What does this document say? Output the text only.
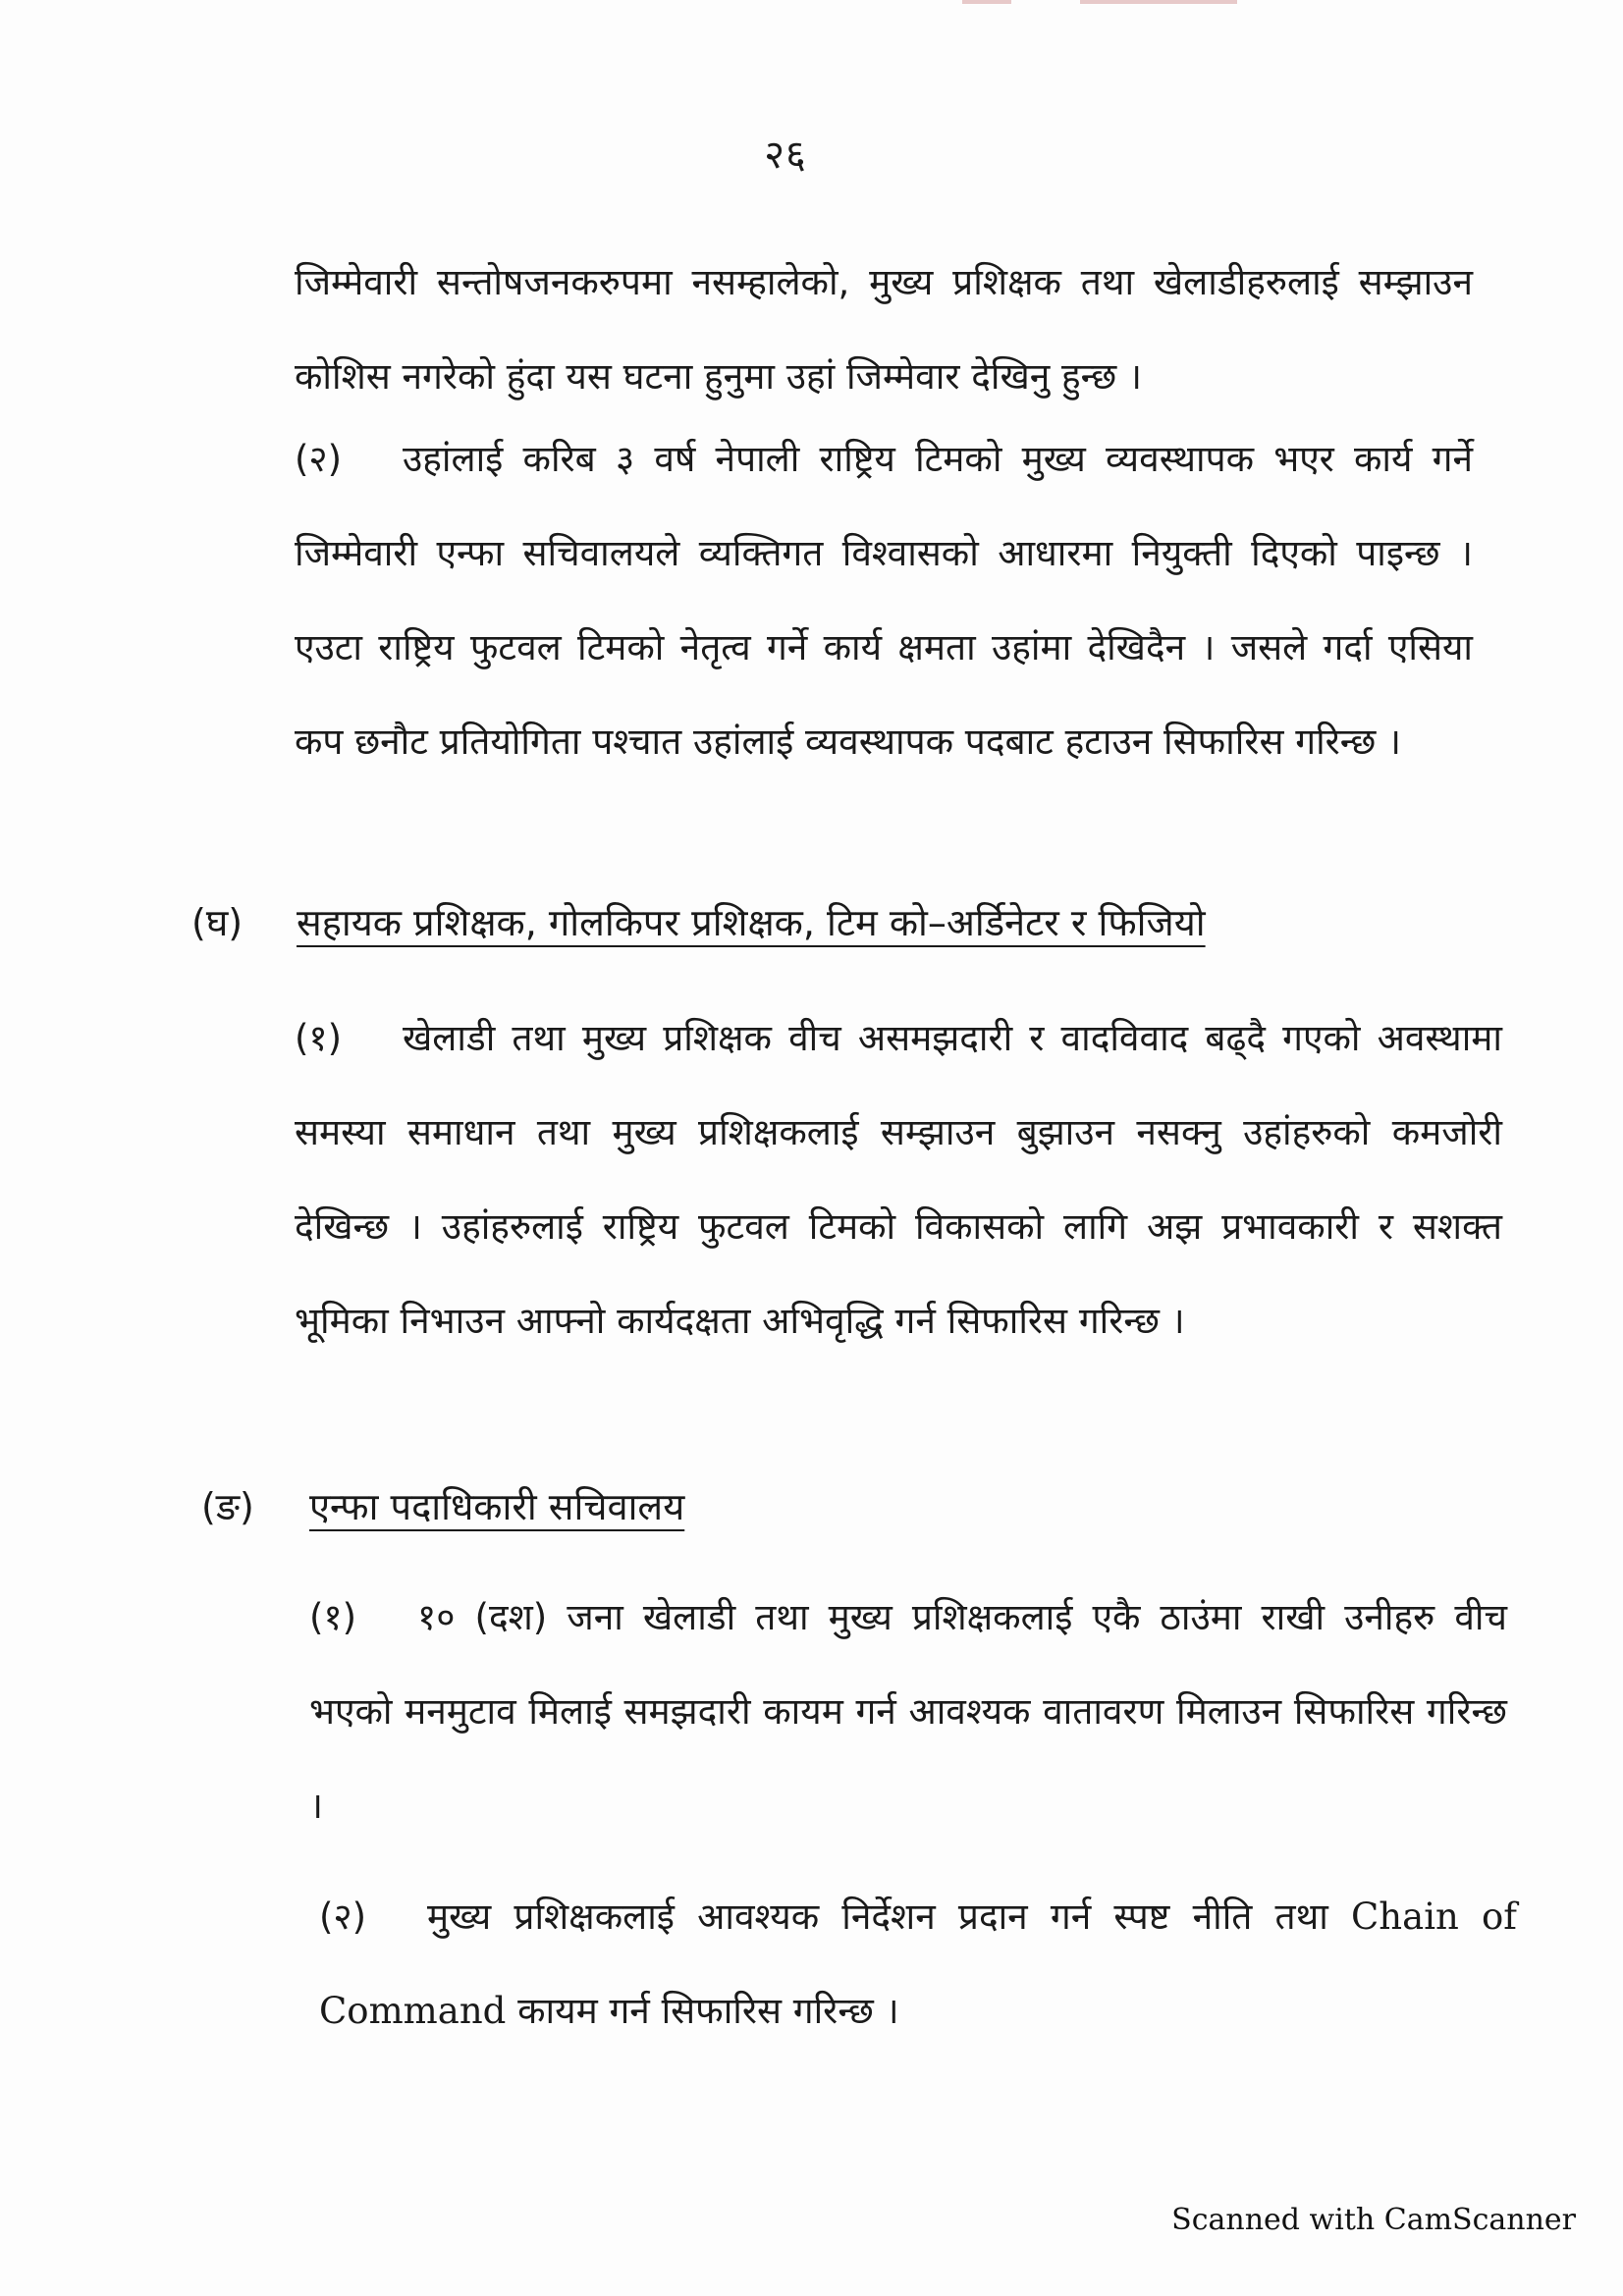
२६
जिम्मेवारी सन्तोषजनकरुपमा नसम्हालेको, मुख्य प्रशिक्षक तथा खेलाडीहरुलाई सम्झाउन कोशिस नगरेको हुंदा यस घटना हुनुमा उहां जिम्मेवार देखिनु हुन्छ ।
(२) उहांलाई करिब ३ वर्ष नेपाली राष्ट्रिय टिमको मुख्य व्यवस्थापक भएर कार्य गर्ने जिम्मेवारी एन्फा सचिवालयले व्यक्तिगत विश्वासको आधारमा नियुक्ती दिएको पाइन्छ । एउटा राष्ट्रिय फुटवल टिमको नेतृत्व गर्ने कार्य क्षमता उहांमा देखिदैन । जसले गर्दा एसिया कप छनौट प्रतियोगिता पश्चात उहांलाई व्यवस्थापक पदबाट हटाउन सिफारिस गरिन्छ ।
(घ) सहायक प्रशिक्षक, गोलकिपर प्रशिक्षक, टिम को–अर्डिनेटर र फिजियो
(१) खेलाडी तथा मुख्य प्रशिक्षक वीच असमझदारी र वादविवाद बढ्दै गएको अवस्थामा समस्या समाधान तथा मुख्य प्रशिक्षकलाई सम्झाउन बुझाउन नसक्नु उहांहरुको कमजोरी देखिन्छ । उहांहरुलाई राष्ट्रिय फुटवल टिमको विकासको लागि अझ प्रभावकारी र सशक्त भूमिका निभाउन आफ्नो कार्यदक्षता अभिवृद्धि गर्न सिफारिस गरिन्छ ।
(ङ) एन्फा पदाधिकारी सचिवालय
(१) १० (दश) जना खेलाडी तथा मुख्य प्रशिक्षकलाई एकै ठाउंमा राखी उनीहरु वीच भएको मनमुटाव मिलाई समझदारी कायम गर्न आवश्यक वातावरण मिलाउन सिफारिस गरिन्छ ।
(२) मुख्य प्रशिक्षकलाई आवश्यक निर्देशन प्रदान गर्न स्पष्ट नीति तथा Chain of Command कायम गर्न सिफारिस गरिन्छ ।
Scanned with CamScanner
